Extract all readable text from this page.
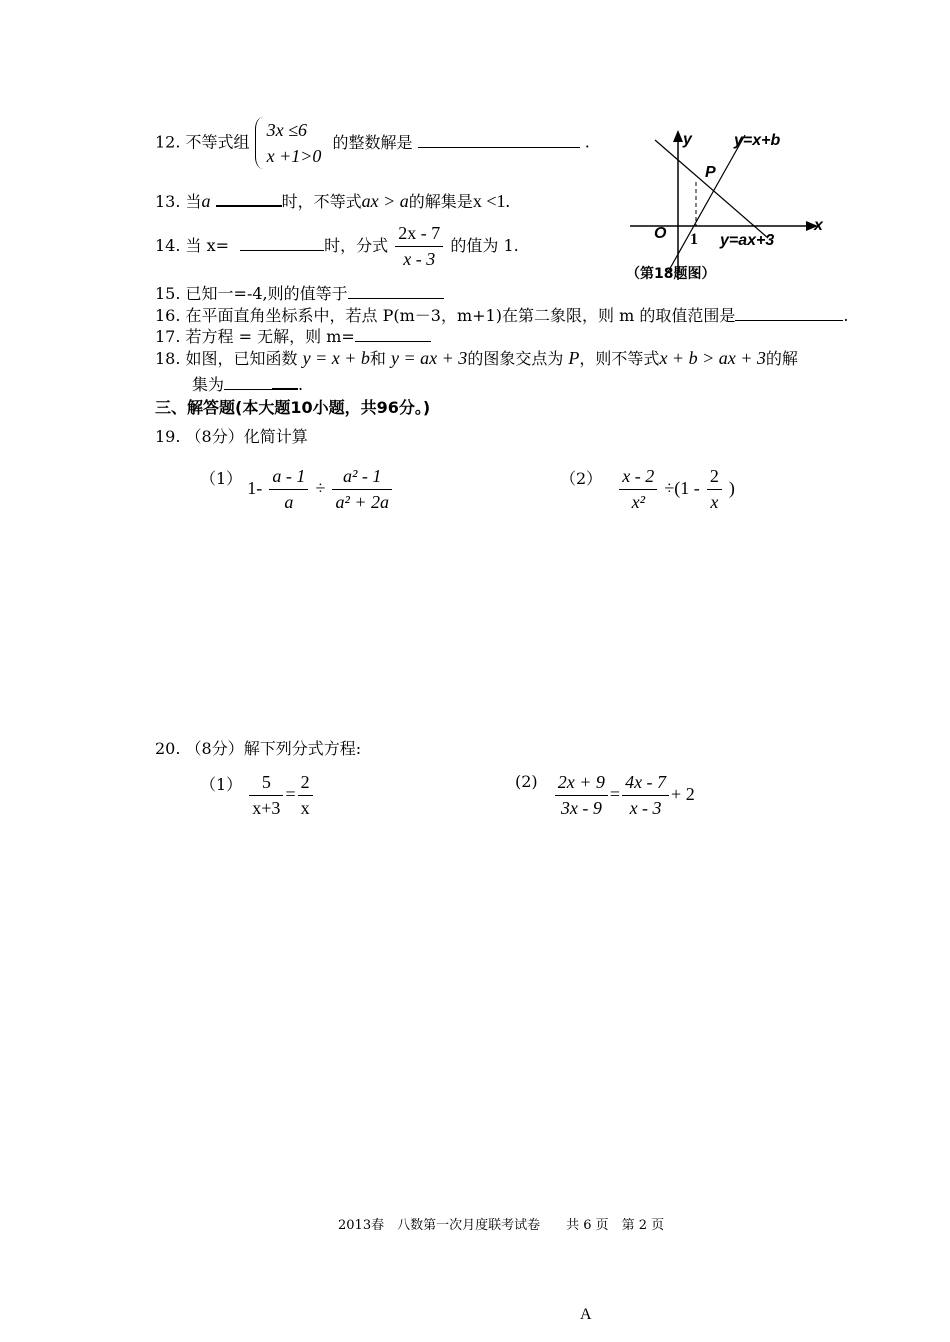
12. 不等式组
3x ≤6
x +1>0
的整数解是	.
13. 当a	时，不等式ax > a的解集是x <1.
14. 当 x=	时，分式 $\frac{2x - 7}{x - 3}$ 的值为 1.
15. 已知一=-4,则的值等于
16. 在平面直角坐标系中，若点 P(m－3，m+1)在第二象限，则 m 的取值范围是	.
17. 若方程 = 无解，则 m=
18. 如图，已知函数 y = x + b和 y = ax + 3的图象交点为 P，则不等式x + b > ax + 3的解
集为	.
三、解答题(本大题10小题，共96分。)
19. （8分）化简计算
（1） $1- \frac{a - 1}{a} \div \frac{\text{a² - 1}}{\text{a² + 2a}}$	$(2) \frac{x - 2}{\text{x²}} \div(1 - \frac{2}{x}$ )
20. （8分）解下列分式方程:
$(1) \frac{5}{x+3} = \frac{2}{x}$	$(2) \frac{2x + 9}{3x - 9} = \frac{4x - 7}{x - 3} + 2$
y
x
y=x+b
y=ax+3
P
O 1
（第18题图）
2013春　八数第一次月度联考试卷　　共 6 页　第 2 页
A
